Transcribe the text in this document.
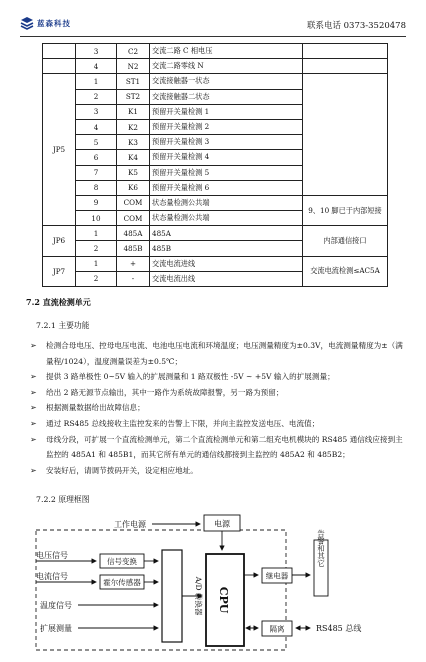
蓝森科技	联系电话 0373-3520478
	3	C2	交流二路 C 相电压	
	4	N2	交流二路零线 N	
JP5	1	ST1	交流接触器一状态	
	2	ST2	交流接触器二状态	
	3	K1	预留开关量检测 1	
	4	K2	预留开关量检测 2	
	5	K3	预留开关量检测 3	
	6	K4	预留开关量检测 4	
	7	K5	预留开关量检测 5	
	8	K6	预留开关量检测 6	
	9	COM	状态量检测公共端	9、10 脚已于内部短接
	10	COM	状态量检测公共端	
JP6	1	485A	485A	内部通信接口
	2	485B	485B	
JP7	1	+	交流电流进线	交流电流检测≤AC5A
	2	-	交流电流出线	
7.2 直流检测单元
7.2.1 主要功能
➢ 检测合母电压、控母电压电流、电池电压电流和环境温度；电压测量精度为±0.3V，电流测量精度为±（满量程/1024），温度测量误差为±0.5℃；
➢ 提供 3 路单极性 0~5V 输入的扩展测量和 1 路双极性 -5V ~ +5V 输入的扩展测量；
➢ 给出 2 路无源节点输出，其中一路作为系统故障报警，另一路为预留；
➢ 根据测量数据给出故障信息；
➢ 通过 RS485 总线接收主监控发来的告警上下限，并向主监控发送电压、电流值；
➢ 母线分段，可扩展一个直流检测单元，第二个直流检测单元和第二组充电机模块的 RS485 通信线应接到主监控的 485A1 和 485B1，而其它所有单元的通信线都接到主监控的 485A2 和 485B2；
➢ 安装好后，请调节拨码开关，设定相应地址。
7.2.2 原理框图
工作电源	电源
CPU
A/D 转换器
电压信号
信号变换
电流信号
霍尔传感器
温度信号
扩展测量
继电器
告警和其它
隔离	RS485 总线
